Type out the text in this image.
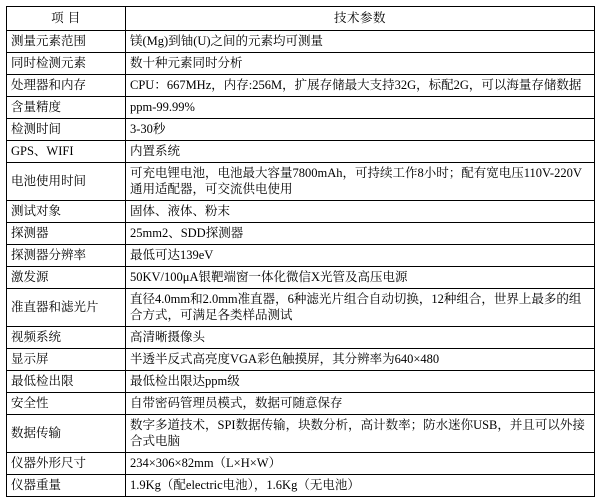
项 目	技术参数
测量元素范围	镁(Mg)到铀(U)之间的元素均可测量
同时检测元素	数十种元素同时分析
处理器和内存	CPU：667MHz，内存:256M，扩展存储最大支持32G，标配2G，可以海量存储数据
含量精度	ppm-99.99%
检测时间	3-30秒
GPS、WIFI	内置系统
电池使用时间	可充电锂电池，电池最大容量7800mAh，可持续工作8小时；配有宽电压110V-220V通用适配器，可交流供电使用
测试对象	固体、液体、粉末
探测器	25mm2、SDD探测器
探测器分辨率	最低可达139eV
激发源	50KV/100μA银靶端窗一体化微信X光管及高压电源
准直器和滤光片	直径4.0mm和2.0mm准直器，6种滤光片组合自动切换，12种组合，世界上最多的组合方式，可满足各类样品测试
视频系统	高清晰摄像头
显示屏	半透半反式高亮度VGA彩色触摸屏，其分辨率为640×480
最低检出限	最低检出限达ppm级
安全性	自带密码管理员模式，数据可随意保存
数据传输	数字多道技术，SPI数据传输，块数分析，高计数率；防水迷你USB，并且可以外接合式电脑
仪器外形尺寸	234×306×82mm（L×H×W）
仪器重量	1.9Kg（配electric电池），1.6Kg（无电池）
